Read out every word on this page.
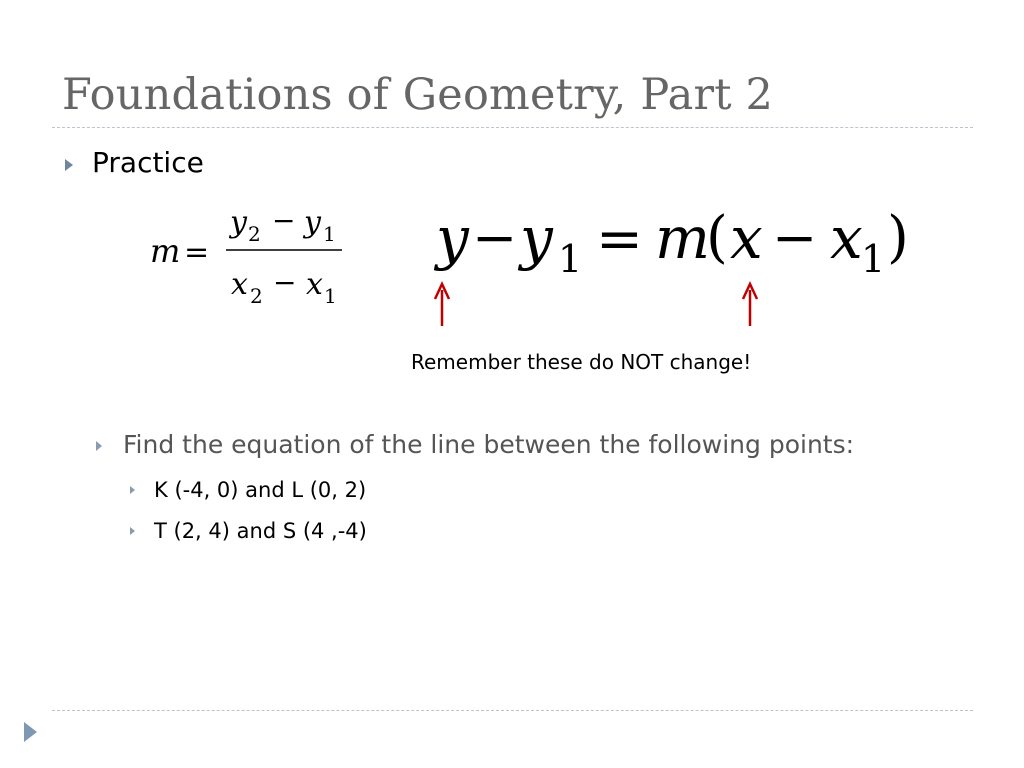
Foundations of Geometry, Part 2
Practice
m =
y 2 − y 1
x 2 − x 1
y − y 1 = m
( x − x
1 )
Remember these do NOT change!
Find the equation of the line between the following points:
K (-4, 0) and L (0, 2)
T (2, 4) and S (4 ,-4)
